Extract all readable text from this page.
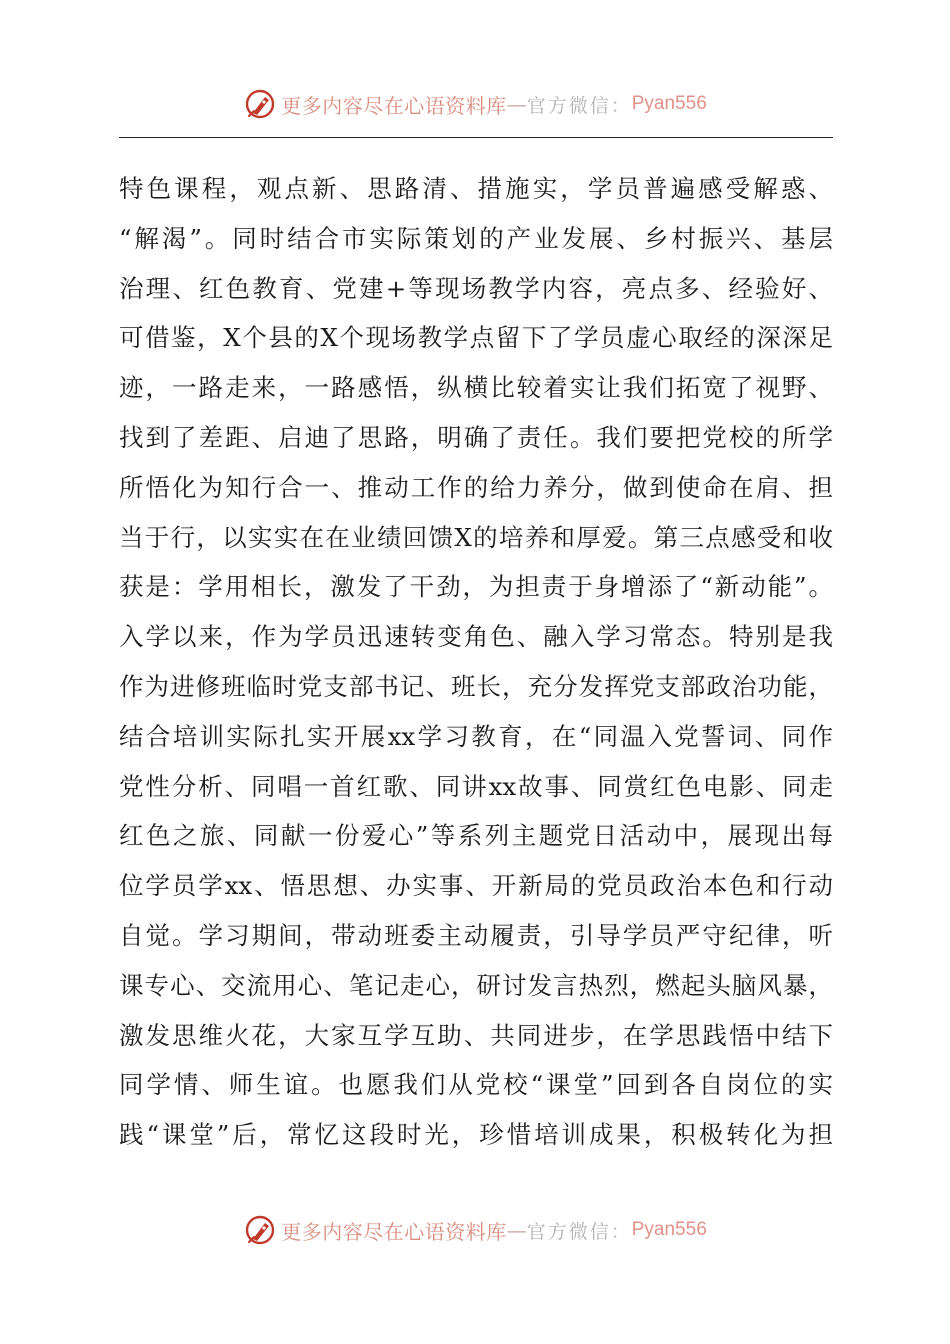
更多内容尽在心语资料库 — 官方微信： Pyan556
特色课程，观点新、思路清、措施实，学员普遍感受解惑、
“解渴”。同时结合市实际策划的产业发展、乡村振兴、基层
治理、红色教育、党建+等现场教学内容，亮点多、经验好、
可借鉴，X个县的X个现场教学点留下了学员虚心取经的深深足
迹，一路走来，一路感悟，纵横比较着实让我们拓宽了视野、
找到了差距、启迪了思路，明确了责任。我们要把党校的所学
所悟化为知行合一、推动工作的给力养分，做到使命在肩、担
当于行，以实实在在业绩回馈X的培养和厚爱。第三点感受和收
获是：学用相长，激发了干劲，为担责于身增添了“新动能”。
入学以来，作为学员迅速转变角色、融入学习常态。特别是我
作为进修班临时党支部书记、班长，充分发挥党支部政治功能，
结合培训实际扎实开展xx学习教育，在“同温入党誓词、同作
党性分析、同唱一首红歌、同讲xx故事、同赏红色电影、同走
红色之旅、同献一份爱心”等系列主题党日活动中，展现出每
位学员学xx、悟思想、办实事、开新局的党员政治本色和行动
自觉。学习期间，带动班委主动履责，引导学员严守纪律，听
课专心、交流用心、笔记走心，研讨发言热烈，燃起头脑风暴，
激发思维火花，大家互学互助、共同进步，在学思践悟中结下
同学情、师生谊。也愿我们从党校“课堂”回到各自岗位的实
践“课堂”后，常忆这段时光，珍惜培训成果，积极转化为担
更多内容尽在心语资料库 — 官方微信： Pyan556
